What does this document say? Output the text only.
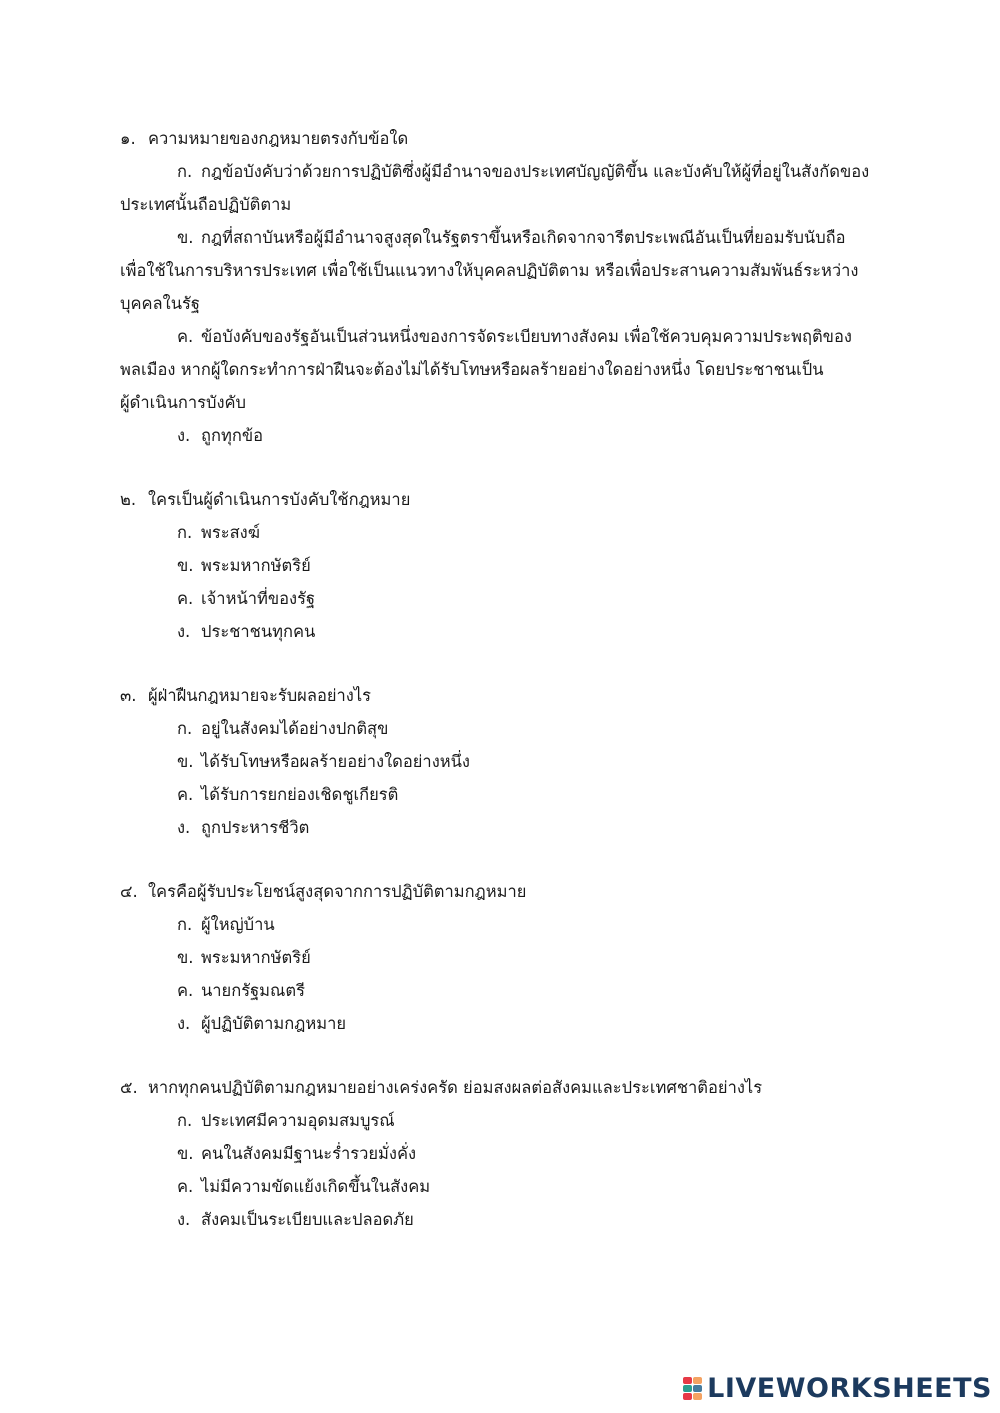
๑. ความหมายของกฎหมายตรงกับข้อใด
ก. กฎข้อบังคับว่าด้วยการปฏิบัติซึ่งผู้มีอำนาจของประเทศบัญญัติขึ้น และบังคับให้ผู้ที่อยู่ในสังกัดของ
ประเทศนั้นถือปฏิบัติตาม
ข. กฎที่สถาบันหรือผู้มีอำนาจสูงสุดในรัฐตราขึ้นหรือเกิดจากจารีตประเพณีอันเป็นที่ยอมรับนับถือ
เพื่อใช้ในการบริหารประเทศ เพื่อใช้เป็นแนวทางให้บุคคลปฏิบัติตาม หรือเพื่อประสานความสัมพันธ์ระหว่าง
บุคคลในรัฐ
ค. ข้อบังคับของรัฐอันเป็นส่วนหนึ่งของการจัดระเบียบทางสังคม เพื่อใช้ควบคุมความประพฤติของ
พลเมือง หากผู้ใดกระทำการฝ่าฝืนจะต้องไม่ได้รับโทษหรือผลร้ายอย่างใดอย่างหนึ่ง โดยประชาชนเป็น
ผู้ดำเนินการบังคับ
ง. ถูกทุกข้อ
๒. ใครเป็นผู้ดำเนินการบังคับใช้กฎหมาย
ก. พระสงฆ์
ข. พระมหากษัตริย์
ค. เจ้าหน้าที่ของรัฐ
ง. ประชาชนทุกคน
๓. ผู้ฝ่าฝืนกฎหมายจะรับผลอย่างไร
ก. อยู่ในสังคมได้อย่างปกติสุข
ข. ได้รับโทษหรือผลร้ายอย่างใดอย่างหนึ่ง
ค. ได้รับการยกย่องเชิดชูเกียรติ
ง. ถูกประหารชีวิต
๔. ใครคือผู้รับประโยชน์สูงสุดจากการปฏิบัติตามกฎหมาย
ก. ผู้ใหญ่บ้าน
ข. พระมหากษัตริย์
ค. นายกรัฐมณตรี
ง. ผู้ปฏิบัติตามกฎหมาย
๕. หากทุกคนปฏิบัติตามกฎหมายอย่างเคร่งครัด ย่อมสงผลต่อสังคมและประเทศชาติอย่างไร
ก. ประเทศมีความอุดมสมบูรณ์
ข. คนในสังคมมีฐานะร่ำรวยมั่งคั่ง
ค. ไม่มีความขัดแย้งเกิดขึ้นในสังคม
ง. สังคมเป็นระเบียบและปลอดภัย
LIVEWORKSHEETS
